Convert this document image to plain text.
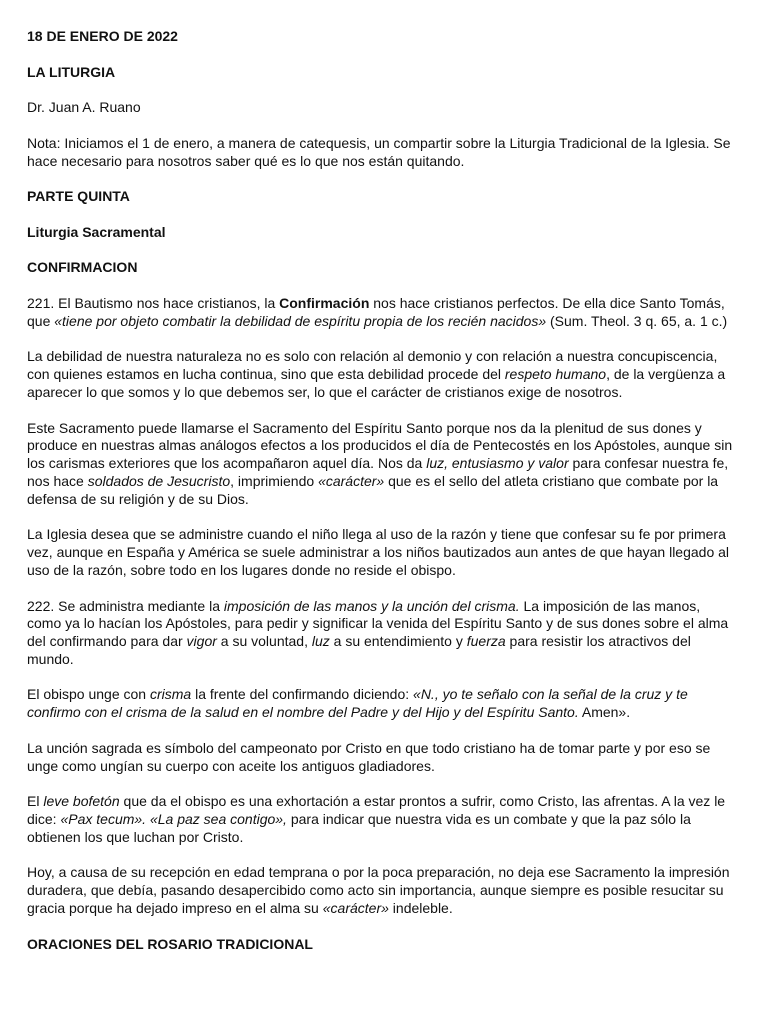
18 DE ENERO DE 2022

LA LITURGIA

Dr. Juan A. Ruano

Nota: Iniciamos el 1 de enero, a manera de catequesis, un compartir sobre la Liturgia Tradicional de la Iglesia. Se hace necesario para nosotros saber qué es lo que nos están quitando.

PARTE QUINTA

Liturgia Sacramental

CONFIRMACION

221. El Bautismo nos hace cristianos, la Confirmación nos hace cristianos perfectos. De ella dice Santo Tomás, que «tiene por objeto combatir la debilidad de espíritu propia de los recién nacidos» (Sum. Theol. 3 q. 65, a. 1 c.)

La debilidad de nuestra naturaleza no es solo con relación al demonio y con relación a nuestra concupiscencia, con quienes estamos en lucha continua, sino que esta debilidad procede del respeto humano, de la vergüenza a aparecer lo que somos y lo que debemos ser, lo que el carácter de cristianos exige de nosotros.

Este Sacramento puede llamarse el Sacramento del Espíritu Santo porque nos da la plenitud de sus dones y produce en nuestras almas análogos efectos a los producidos el día de Pentecostés en los Apóstoles, aunque sin los carismas exteriores que los acompañaron aquel día. Nos da luz, entusiasmo y valor para confesar nuestra fe, nos hace soldados de Jesucristo, imprimiendo «carácter» que es el sello del atleta cristiano que combate por la defensa de su religión y de su Dios.

La Iglesia desea que se administre cuando el niño llega al uso de la razón y tiene que confesar su fe por primera vez, aunque en España y América se suele administrar a los niños bautizados aun antes de que hayan llegado al uso de la razón, sobre todo en los lugares donde no reside el obispo.

222. Se administra mediante la imposición de las manos y la unción del crisma. La imposición de las manos, como ya lo hacían los Apóstoles, para pedir y significar la venida del Espíritu Santo y de sus dones sobre el alma del confirmando para dar vigor a su voluntad, luz a su entendimiento y fuerza para resistir los atractivos del mundo.

El obispo unge con crisma la frente del confirmando diciendo: «N., yo te señalo con la señal de la cruz y te confirmo con el crisma de la salud en el nombre del Padre y del Hijo y del Espíritu Santo. Amen».

La unción sagrada es símbolo del campeonato por Cristo en que todo cristiano ha de tomar parte y por eso se unge como ungían su cuerpo con aceite los antiguos gladiadores.

El leve bofetón que da el obispo es una exhortación a estar prontos a sufrir, como Cristo, las afrentas. A la vez le dice: «Pax tecum». «La paz sea contigo», para indicar que nuestra vida es un combate y que la paz sólo la obtienen los que luchan por Cristo.

Hoy, a causa de su recepción en edad temprana o por la poca preparación, no deja ese Sacramento la impresión duradera, que debía, pasando desapercibido como acto sin importancia, aunque siempre es posible resucitar su gracia porque ha dejado impreso en el alma su «carácter» indeleble.

ORACIONES DEL ROSARIO TRADICIONAL
